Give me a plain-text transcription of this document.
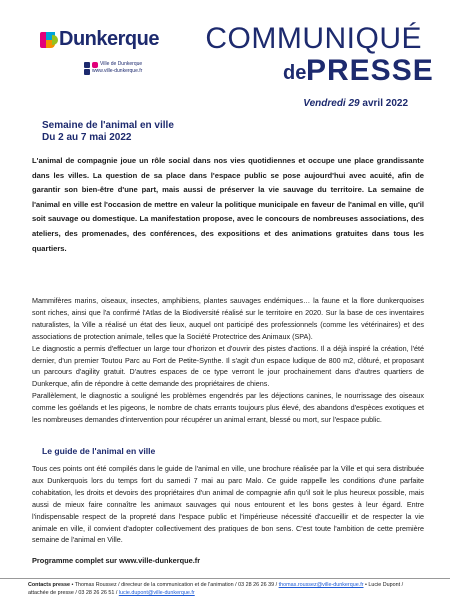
Dunkerque
Ville de Dunkerque
www.ville-dunkerque.fr
COMMUNIQUÉ
de PRESSE
Vendredi 29 avril 2022
Semaine de l'animal en ville
Du 2 au 7 mai 2022

L'animal de compagnie joue un rôle social dans nos vies quotidiennes et occupe une place grandissante dans les villes. La question de sa place dans l'espace public se pose aujourd'hui avec acuité, afin de garantir son bien-être d'une part, mais aussi de préserver la vie sauvage du territoire. La semaine de l'animal en ville est l'occasion de mettre en valeur la politique municipale en faveur de l'animal en ville, qu'il soit sauvage ou domestique. La manifestation propose, avec le concours de nombreuses associations, des ateliers, des promenades, des conférences, des expositions et des animations gratuites dans tous les quartiers.

Mammifères marins, oiseaux, insectes, amphibiens, plantes sauvages endémiques… la faune et la flore dunkerquoises sont riches, ainsi que l'a confirmé l'Atlas de la Biodiversité réalisé sur le territoire en 2020. Sur la base de ces inventaires naturalistes, la Ville a réalisé un état des lieux, auquel ont participé des professionnels (comme les vétérinaires) et des associations de protection animale, telles que la Société Protectrice des Animaux (SPA).

Le diagnostic a permis d'effectuer un large tour d'horizon et d'ouvrir des pistes d'actions. Il a déjà inspiré la création, l'été dernier, d'un premier Toutou Parc au Fort de Petite-Synthe. Il s'agit d'un espace ludique de 800 m2, clôturé, et proposant un parcours d'agility gratuit. D'autres espaces de ce type verront le jour prochainement dans d'autres quartiers de Dunkerque, afin de répondre à cette demande des propriétaires de chiens.

Parallèlement, le diagnostic a souligné les problèmes engendrés par les déjections canines, le nourrissage des oiseaux comme les goélands et les pigeons, le nombre de chats errants toujours plus élevé, des abandons d'espèces exotiques et les nombreuses demandes d'intervention pour récupérer un animal errant, blessé ou mort, sur l'espace public.

Le guide de l'animal en ville

Tous ces points ont été compilés dans le guide de l'animal en ville, une brochure réalisée par la Ville et qui sera distribuée aux Dunkerquois lors du temps fort du samedi 7 mai au parc Malo. Ce guide rappelle les conditions d'une parfaite cohabitation, les droits et devoirs des propriétaires d'un animal de compagnie afin qu'il soit le plus heureux possible, mais aussi de mieux faire connaître les animaux sauvages qui nous entourent et les bons gestes à leur égard. Entre l'indispensable respect de la propreté dans l'espace public et l'impérieuse nécessité d'accueillir et de respecter la vie animale en ville, il convient d'adopter collectivement des pratiques de bon sens. C'est toute l'ambition de cette première semaine de l'animal en Ville.

Programme complet sur www.ville-dunkerque.fr
Contacts presse • Thomas Roussez / directeur de la communication et de l'animation / 03 28 26 26 39 / thomas.roussez@ville-dunkerque.fr • Lucie Dupont / attachée de presse / 03 28 26 26 51 / lucie.dupont@ville-dunkerque.fr
